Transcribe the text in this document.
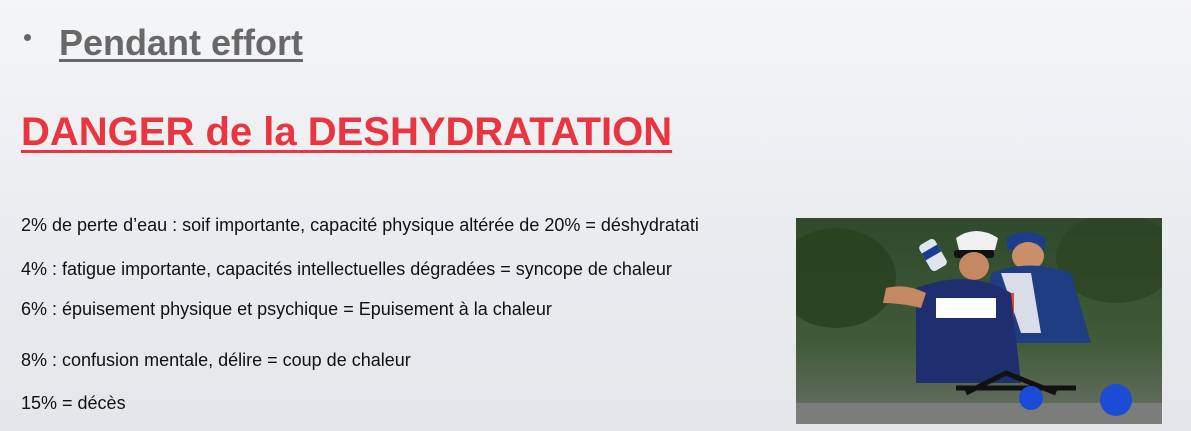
Pendant effort
DANGER de la DESHYDRATATION
2% de perte d’eau : soif importante, capacité physique altérée de 20% = déshydratati
4% : fatigue importante, capacités intellectuelles dégradées = syncope de chaleur
6% : épuisement physique et psychique = Epuisement à la chaleur
8% : confusion mentale, délire = coup de chaleur
15% = décès
